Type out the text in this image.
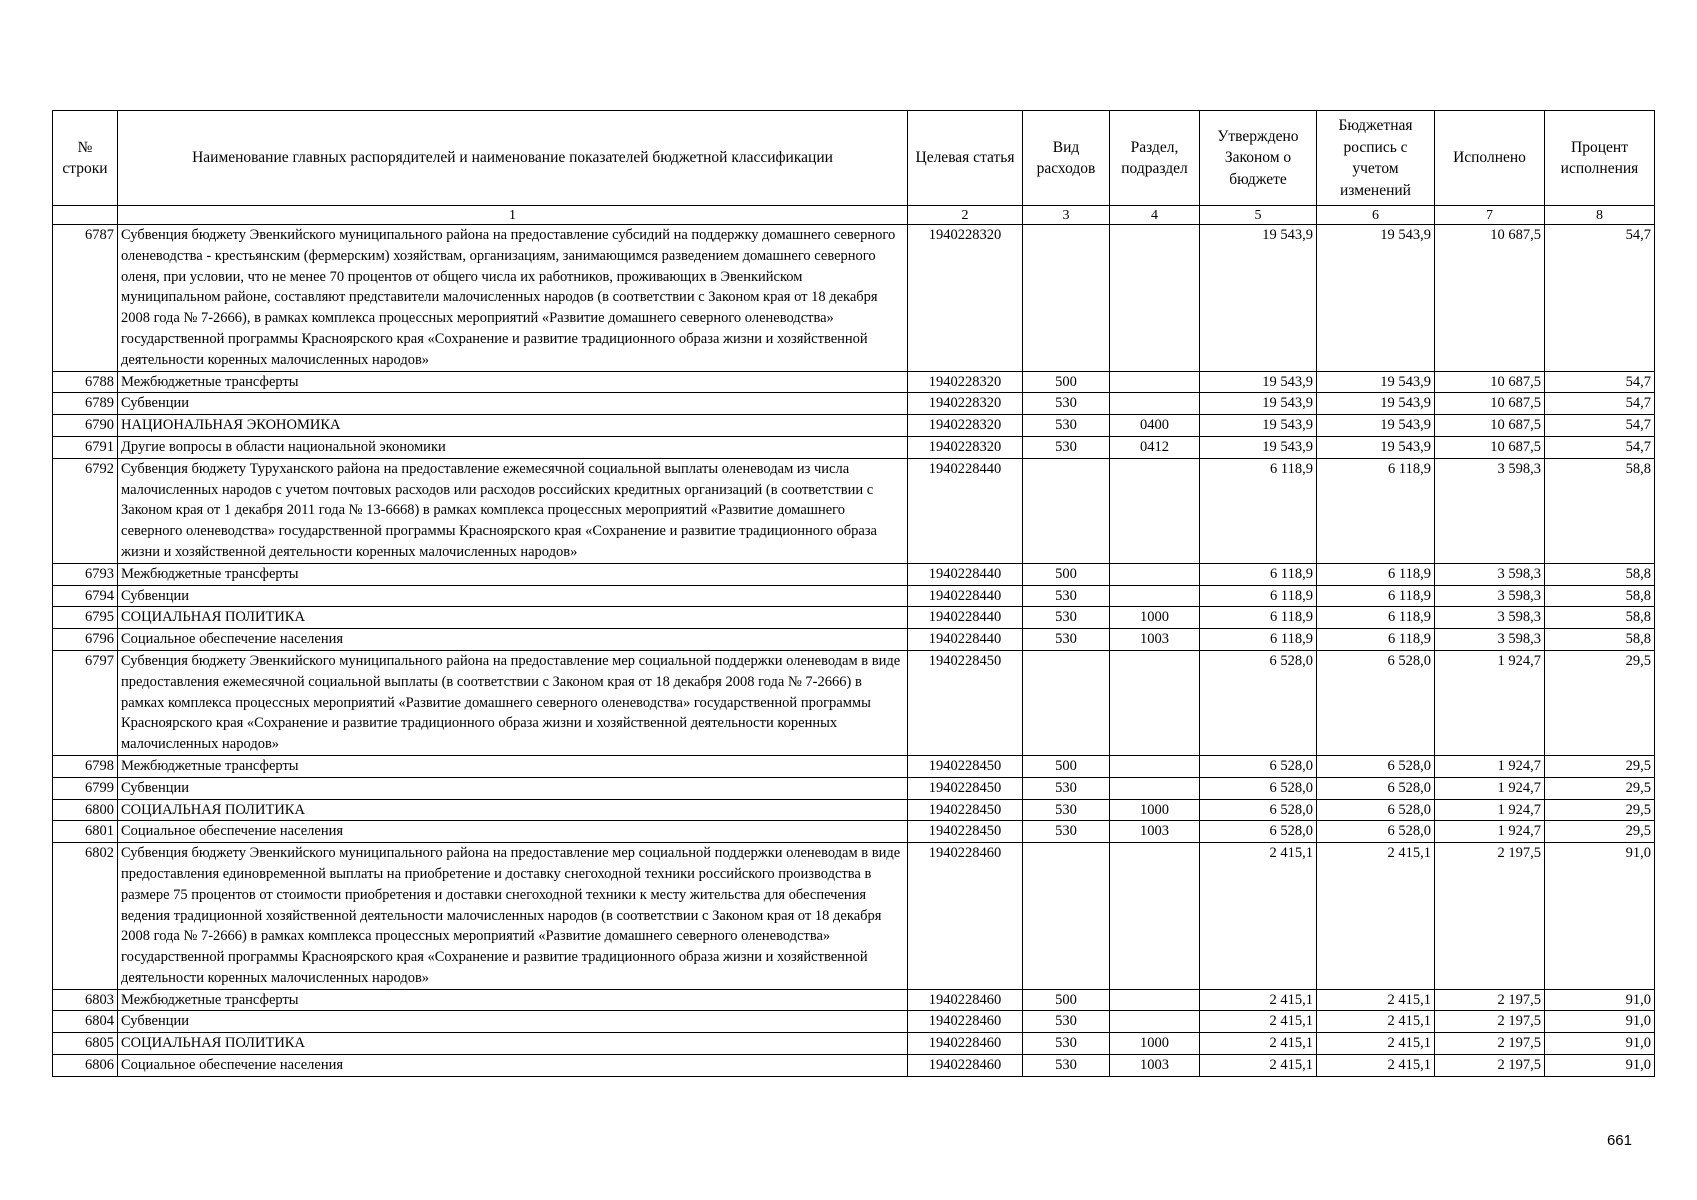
№ строки	Наименование главных распорядителей и наименование показателей бюджетной классификации	Целевая статья	Вид расходов	Раздел, подраздел	Утверждено Законом о бюджете	Бюджетная роспись с учетом изменений	Исполнено	Процент исполнения
	1	2	3	4	5	6	7	8
6787	Субвенция бюджету Эвенкийского муниципального района на предоставление субсидий на поддержку домашнего северного оленеводства - крестьянским (фермерским) хозяйствам, организациям, занимающимся разведением домашнего северного оленя, при условии, что не менее 70 процентов от общего числа их работников, проживающих в Эвенкийском муниципальном районе, составляют представители малочисленных народов (в соответствии с Законом края от 18 декабря 2008 года № 7-2666), в рамках комплекса процессных мероприятий «Развитие домашнего северного оленеводства» государственной программы Красноярского края «Сохранение и развитие традиционного образа жизни и хозяйственной деятельности коренных малочисленных народов»	1940228320			19 543,9	19 543,9	10 687,5	54,7
6788	Межбюджетные трансферты	1940228320	500		19 543,9	19 543,9	10 687,5	54,7
6789	Субвенции	1940228320	530		19 543,9	19 543,9	10 687,5	54,7
6790	НАЦИОНАЛЬНАЯ ЭКОНОМИКА	1940228320	530	0400	19 543,9	19 543,9	10 687,5	54,7
6791	Другие вопросы в области национальной экономики	1940228320	530	0412	19 543,9	19 543,9	10 687,5	54,7
6792	Субвенция бюджету Туруханского района на предоставление ежемесячной социальной выплаты оленеводам из числа малочисленных народов с учетом почтовых расходов или расходов российских кредитных организаций (в соответствии с Законом края от 1 декабря 2011 года № 13-6668) в рамках комплекса процессных мероприятий «Развитие домашнего северного оленеводства» государственной программы Красноярского края «Сохранение и развитие традиционного образа жизни и хозяйственной деятельности коренных малочисленных народов»	1940228440			6 118,9	6 118,9	3 598,3	58,8
6793	Межбюджетные трансферты	1940228440	500		6 118,9	6 118,9	3 598,3	58,8
6794	Субвенции	1940228440	530		6 118,9	6 118,9	3 598,3	58,8
6795	СОЦИАЛЬНАЯ ПОЛИТИКА	1940228440	530	1000	6 118,9	6 118,9	3 598,3	58,8
6796	Социальное обеспечение населения	1940228440	530	1003	6 118,9	6 118,9	3 598,3	58,8
6797	Субвенция бюджету Эвенкийского муниципального района на предоставление мер социальной поддержки оленеводам в виде предоставления ежемесячной социальной выплаты (в соответствии с Законом края от 18 декабря 2008 года № 7-2666) в рамках комплекса процессных мероприятий «Развитие домашнего северного оленеводства» государственной программы Красноярского края «Сохранение и развитие традиционного образа жизни и хозяйственной деятельности коренных малочисленных народов»	1940228450			6 528,0	6 528,0	1 924,7	29,5
6798	Межбюджетные трансферты	1940228450	500		6 528,0	6 528,0	1 924,7	29,5
6799	Субвенции	1940228450	530		6 528,0	6 528,0	1 924,7	29,5
6800	СОЦИАЛЬНАЯ ПОЛИТИКА	1940228450	530	1000	6 528,0	6 528,0	1 924,7	29,5
6801	Социальное обеспечение населения	1940228450	530	1003	6 528,0	6 528,0	1 924,7	29,5
6802	Субвенция бюджету Эвенкийского муниципального района на предоставление мер социальной поддержки оленеводам в виде предоставления единовременной выплаты на приобретение и доставку снегоходной техники российского производства в размере 75 процентов от стоимости приобретения и доставки снегоходной техники к месту жительства для обеспечения ведения традиционной хозяйственной деятельности малочисленных народов (в соответствии с Законом края от 18 декабря 2008 года № 7-2666) в рамках комплекса процессных мероприятий «Развитие домашнего северного оленеводства» государственной программы Красноярского края «Сохранение и развитие традиционного образа жизни и хозяйственной деятельности коренных малочисленных народов»	1940228460			2 415,1	2 415,1	2 197,5	91,0
6803	Межбюджетные трансферты	1940228460	500		2 415,1	2 415,1	2 197,5	91,0
6804	Субвенции	1940228460	530		2 415,1	2 415,1	2 197,5	91,0
6805	СОЦИАЛЬНАЯ ПОЛИТИКА	1940228460	530	1000	2 415,1	2 415,1	2 197,5	91,0
6806	Социальное обеспечение населения	1940228460	530	1003	2 415,1	2 415,1	2 197,5	91,0
661
